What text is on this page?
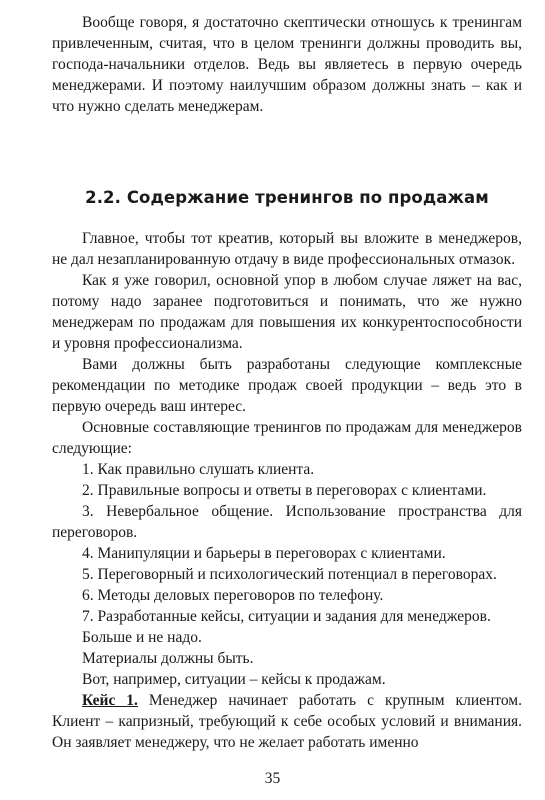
Вообще говоря, я достаточно скептически отношусь к тренингам привлеченным, считая, что в целом тренинги должны проводить вы, господа-начальники отделов. Ведь вы являетесь в первую очередь менеджерами. И поэтому наилучшим образом должны знать – как и что нужно сделать менеджерам.

2.2. Содержание тренингов по продажам

Главное, чтобы тот креатив, который вы вложите в менеджеров, не дал незапланированную отдачу в виде профессиональных отмазок.

Как я уже говорил, основной упор в любом случае ляжет на вас, потому надо заранее подготовиться и понимать, что же нужно менеджерам по продажам для повышения их конкурентоспособности и уровня профессионализма.

Вами должны быть разработаны следующие комплексные рекомендации по методике продаж своей продукции – ведь это в первую очередь ваш интерес.

Основные составляющие тренингов по продажам для менеджеров следующие:

1. Как правильно слушать клиента.

2. Правильные вопросы и ответы в переговорах с клиентами.

3. Невербальное общение. Использование пространства для переговоров.

4. Манипуляции и барьеры в переговорах с клиентами.

5. Переговорный и психологический потенциал в переговорах.

6. Методы деловых переговоров по телефону.

7. Разработанные кейсы, ситуации и задания для менеджеров.

Больше и не надо.

Материалы должны быть.

Вот, например, ситуации – кейсы к продажам.

Кейс 1. Менеджер начинает работать с крупным клиентом. Клиент – капризный, требующий к себе особых условий и внимания. Он заявляет менеджеру, что не желает работать именно

35
